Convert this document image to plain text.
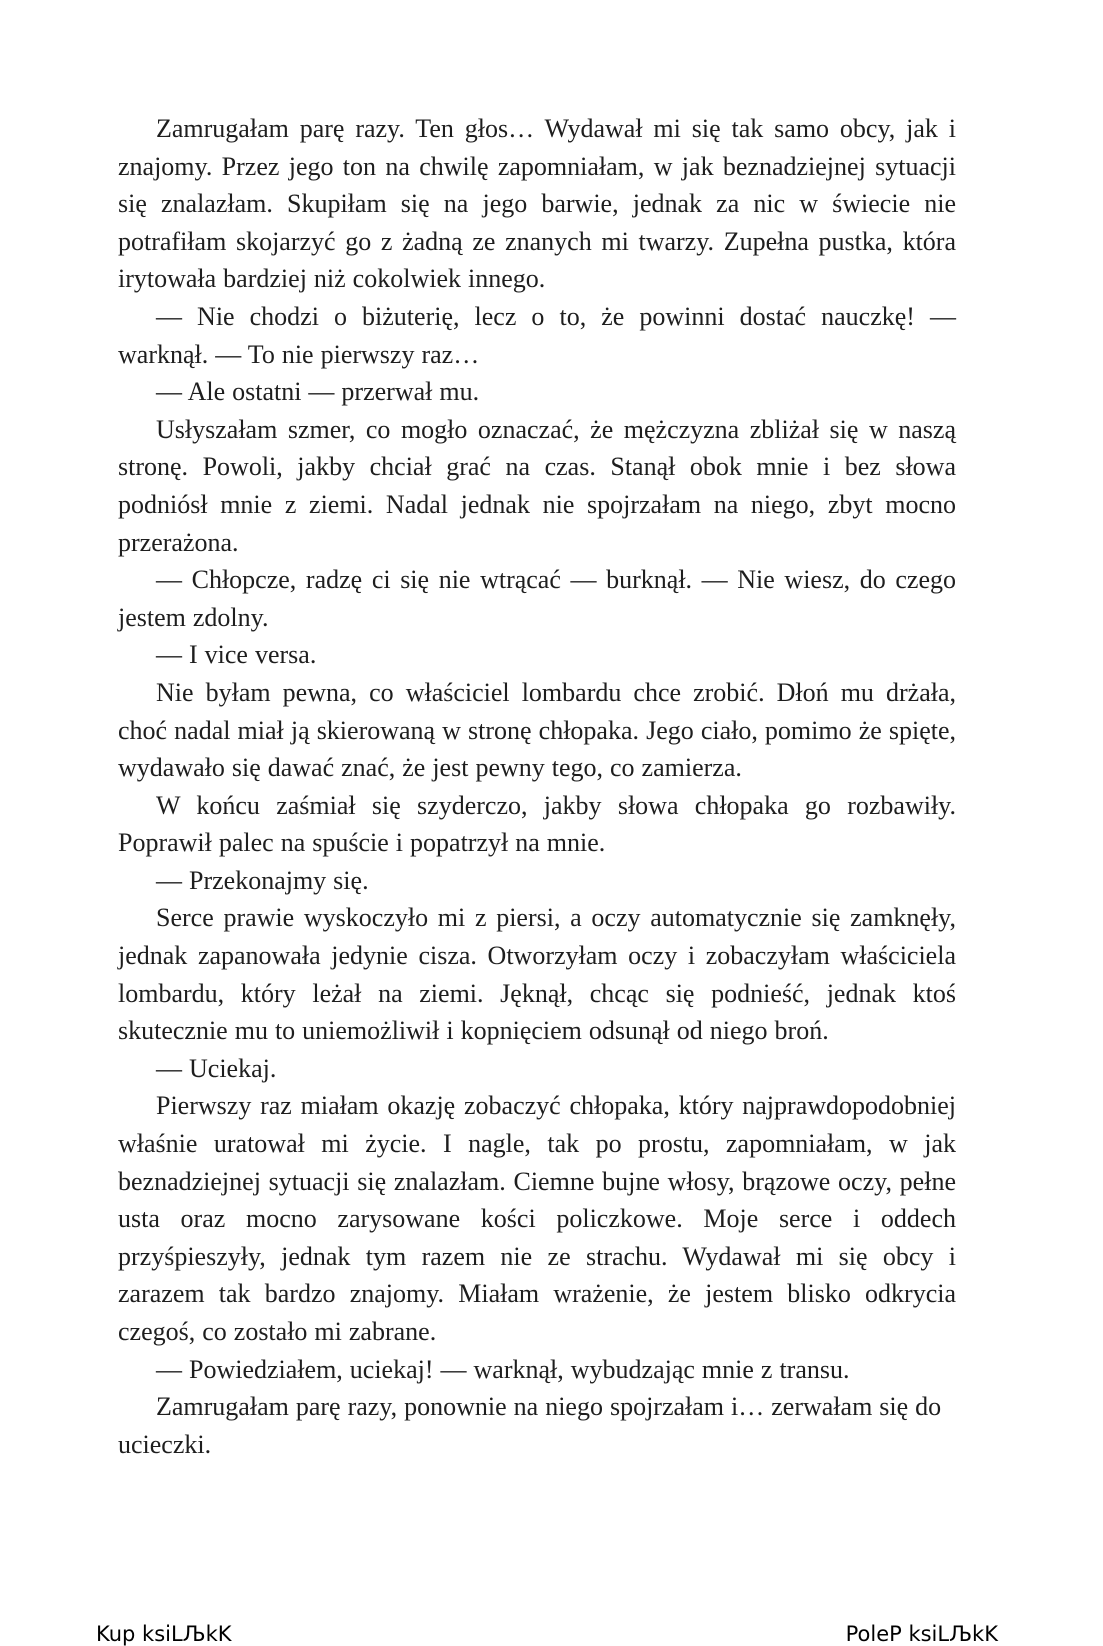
Zamrugałam parę razy. Ten głos… Wydawał mi się tak samo obcy, jak i znajomy. Przez jego ton na chwilę zapomniałam, w jak beznadziejnej sytuacji się znalazłam. Skupiłam się na jego barwie, jednak za nic w świecie nie potrafiłam skojarzyć go z żadną ze znanych mi twarzy. Zupełna pustka, która irytowała bardziej niż cokolwiek innego.

— Nie chodzi o biżuterię, lecz o to, że powinni dostać nauczkę! — warknął. — To nie pierwszy raz…

— Ale ostatni — przerwał mu.

Usłyszałam szmer, co mogło oznaczać, że mężczyzna zbliżał się w naszą stronę. Powoli, jakby chciał grać na czas. Stanął obok mnie i bez słowa podniósł mnie z ziemi. Nadal jednak nie spojrzałam na niego, zbyt mocno przerażona.

— Chłopcze, radzę ci się nie wtrącać — burknął. — Nie wiesz, do czego jestem zdolny.

— I vice versa.

Nie byłam pewna, co właściciel lombardu chce zrobić. Dłoń mu drżała, choć nadal miał ją skierowaną w stronę chłopaka. Jego ciało, pomimo że spięte, wydawało się dawać znać, że jest pewny tego, co zamierza.

W końcu zaśmiał się szyderczo, jakby słowa chłopaka go rozbawiły. Poprawił palec na spuście i popatrzył na mnie.

— Przekonajmy się.

Serce prawie wyskoczyło mi z piersi, a oczy automatycznie się zamknęły, jednak zapanowała jedynie cisza. Otworzyłam oczy i zobaczyłam właściciela lombardu, który leżał na ziemi. Jęknął, chcąc się podnieść, jednak ktoś skutecznie mu to uniemożliwił i kopnięciem odsunął od niego broń.

— Uciekaj.

Pierwszy raz miałam okazję zobaczyć chłopaka, który najprawdopodobniej właśnie uratował mi życie. I nagle, tak po prostu, zapomniałam, w jak beznadziejnej sytuacji się znalazłam. Ciemne bujne włosy, brązowe oczy, pełne usta oraz mocno zarysowane kości policzkowe. Moje serce i oddech przyśpieszyły, jednak tym razem nie ze strachu. Wydawał mi się obcy i zarazem tak bardzo znajomy. Miałam wrażenie, że jestem blisko odkrycia czegoś, co zostało mi zabrane.

— Powiedziałem, uciekaj! — warknął, wybudzając mnie z transu.

Zamrugałam parę razy, ponownie na niego spojrzałam i… zerwałam się do ucieczki.

Kup ksiLЉkK	PoleP ksiLЉkK
